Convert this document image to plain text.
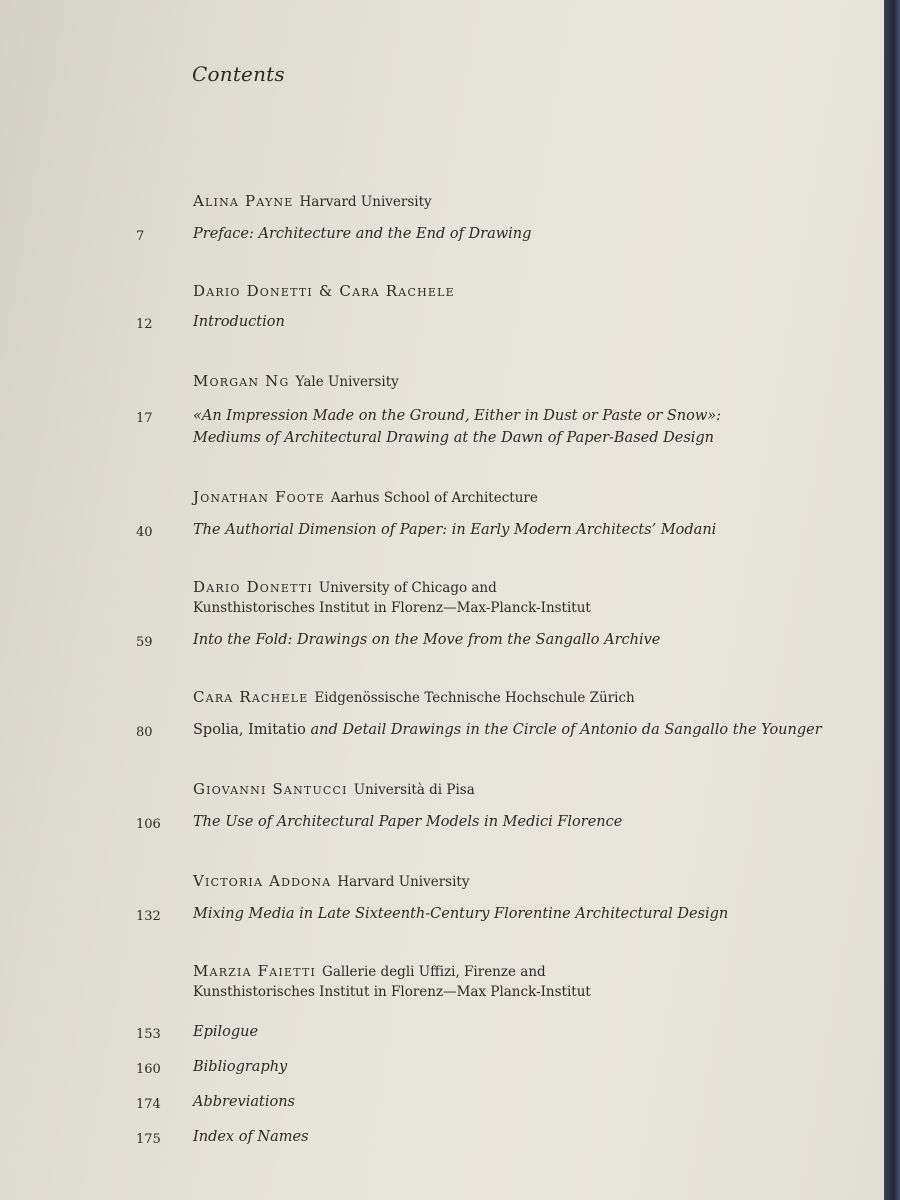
Contents
Alina Payne Harvard University
7	Preface: Architecture and the End of Drawing
Dario Donetti & Cara Rachele
12	Introduction
Morgan Ng Yale University
17	«An Impression Made on the Ground, Either in Dust or Paste or Snow»:
Mediums of Architectural Drawing at the Dawn of Paper-Based Design
Jonathan Foote Aarhus School of Architecture
40	The Authorial Dimension of Paper: in Early Modern Architects’ Modani
Dario Donetti University of Chicago and
Kunsthistorisches Institut in Florenz—Max-Planck-Institut
59	Into the Fold: Drawings on the Move from the Sangallo Archive
Cara Rachele Eidgenössische Technische Hochschule Zürich
80	Spolia, Imitatio and Detail Drawings in the Circle of Antonio da Sangallo the Younger
Giovanni Santucci Università di Pisa
106	The Use of Architectural Paper Models in Medici Florence
Victoria Addona Harvard University
132	Mixing Media in Late Sixteenth-Century Florentine Architectural Design
Marzia Faietti Gallerie degli Uffizi, Firenze and
Kunsthistorisches Institut in Florenz—Max Planck-Institut
153	Epilogue
160	Bibliography
174	Abbreviations
175	Index of Names
